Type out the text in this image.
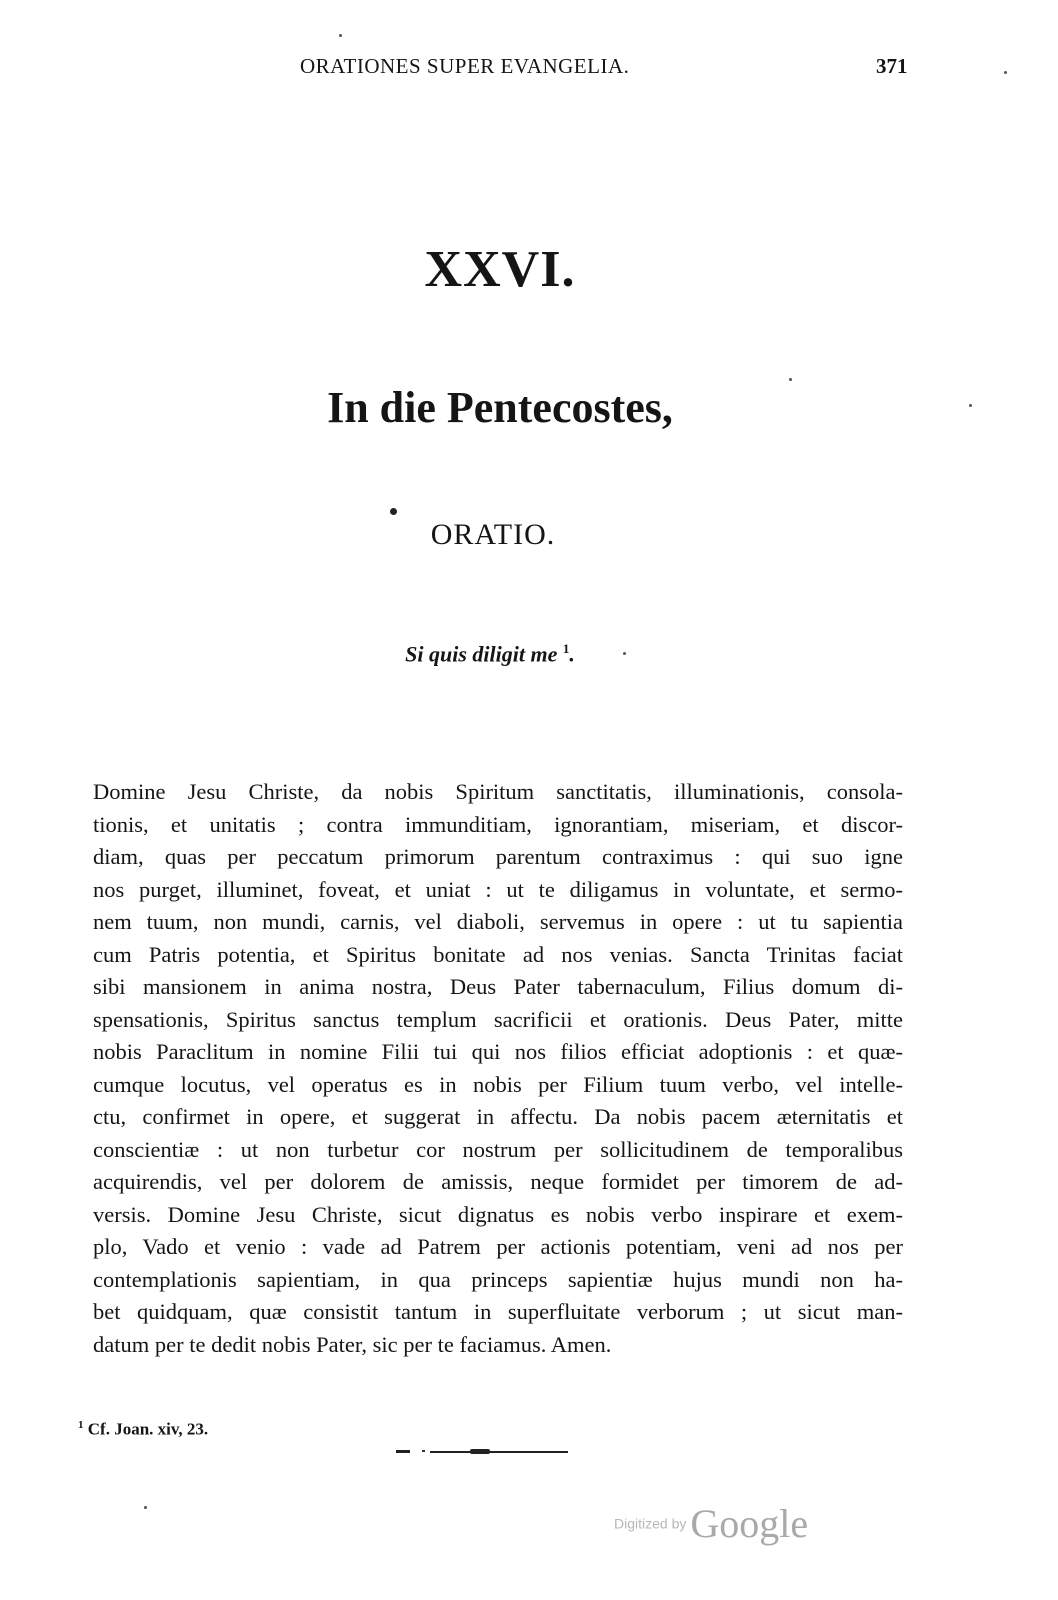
ORATIONES SUPER EVANGELIA.	371
XXVI.
In die Pentecostes,
ORATIO.
Si quis diligit me $^1$.
Domine Jesu Christe, da nobis Spiritum sanctitatis, illuminationis, consola-
tionis, et unitatis ; contra immunditiam, ignorantiam, miseriam, et discor-
diam, quas per peccatum primorum parentum contraximus : qui suo igne
nos purget, illuminet, foveat, et uniat : ut te diligamus in voluntate, et sermo-
nem tuum, non mundi, carnis, vel diaboli, servemus in opere : ut tu sapientia
cum Patris potentia, et Spiritus bonitate ad nos venias. Sancta Trinitas faciat
sibi mansionem in anima nostra, Deus Pater tabernaculum, Filius domum di-
spensationis, Spiritus sanctus templum sacrificii et orationis. Deus Pater, mitte
nobis Paraclitum in nomine Filii tui qui nos filios efficiat adoptionis : et quæ-
cumque locutus, vel operatus es in nobis per Filium tuum verbo, vel intelle-
ctu, confirmet in opere, et suggerat in affectu. Da nobis pacem æternitatis et
conscientiæ : ut non turbetur cor nostrum per sollicitudinem de temporalibus
acquirendis, vel per dolorem de amissis, neque formidet per timorem de ad-
versis. Domine Jesu Christe, sicut dignatus es nobis verbo inspirare et exem-
plo, Vado et venio : vade ad Patrem per actionis potentiam, veni ad nos per
contemplationis sapientiam, in qua princeps sapientiæ hujus mundi non ha-
bet quidquam, quæ consistit tantum in superfluitate verborum ; ut sicut man-
datum per te dedit nobis Pater, sic per te faciamus. Amen.
$^1$ Cf. Joan. xiv, 23.
Digitized by Google
